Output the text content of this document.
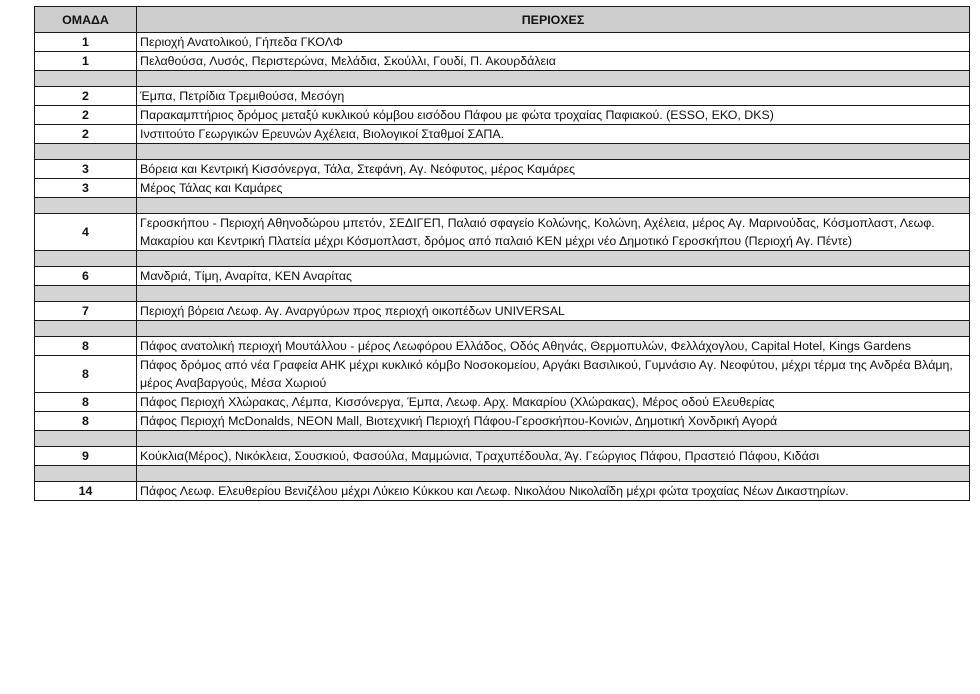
ΟΜΑΔΑ	ΠΕΡΙΟΧΕΣ
1	Περιοχή Ανατολικού, Γήπεδα ΓΚΟΛΦ
1	Πελαθούσα, Λυσός, Περιστερώνα, Μελάδια, Σκούλλι, Γουδί, Π. Ακουρδάλεια

2	Έμπα, Πετρίδια Τρεμιθούσα, Μεσόγη
2	Παρακαμπτήριος δρόμος μεταξύ κυκλικού κόμβου εισόδου Πάφου με φώτα τροχαίας Παφιακού. (ESSO, ΕΚΟ, DKS)
2	Ινστιτούτο Γεωργικών Ερευνών Αχέλεια, Βιολογικοί Σταθμοί ΣΑΠΑ.

3	Βόρεια και Κεντρική Κισσόνεργα, Τάλα, Στεφάνη, Αγ. Νεόφυτος, μέρος Καμάρες
3	Μέρος Τάλας και Καμάρες

4	Γεροσκήπου - Περιοχή Αθηνοδώρου μπετόν, ΣΕΔΙΓΕΠ, Παλαιό σφαγείο Κολώνης, Κολώνη, Αχέλεια, μέρος Αγ. Μαρινούδας, Κόσμοπλαστ, Λεωφ. Μακαρίου και Κεντρική Πλατεία μέχρι Κόσμοπλαστ, δρόμος από παλαιό ΚΕΝ μέχρι νέο Δημοτικό Γεροσκήπου (Περιοχή Αγ. Πέντε)

6	Μανδριά, Τίμη, Αναρίτα, ΚΕΝ Αναρίτας

7	Περιοχή βόρεια Λεωφ. Αγ. Αναργύρων προς περιοχή οικοπέδων UNIVERSAL

8	Πάφος ανατολική περιοχή Μουτάλλου - μέρος Λεωφόρου Ελλάδος, Οδός Αθηνάς, Θερμοπυλών, Φελλάχογλου, Capital Hotel, Kings Gardens
8	Πάφος δρόμος από νέα Γραφεία ΑΗΚ μέχρι κυκλικό κόμβο Νοσοκομείου, Αργάκι Βασιλικού, Γυμνάσιο Αγ. Νεοφύτου, μέχρι τέρμα της Ανδρέα Βλάμη, μέρος Αναβαργούς, Μέσα Χωριού
8	Πάφος Περιοχή Χλώρακας, Λέμπα, Κισσόνεργα, Έμπα, Λεωφ. Αρχ. Μακαρίου (Χλώρακας), Μέρος οδού Ελευθερίας
8	Πάφος Περιοχή McDonalds, NEON Mall, Βιοτεχνική Περιοχή Πάφου-Γεροσκήπου-Κονιών, Δημοτική Χονδρική Αγορά

9	Κούκλια(Μέρος), Νικόκλεια, Σουσκιού, Φασούλα, Μαμμώνια, Τραχυπέδουλα, Άγ. Γεώργιος Πάφου, Πραστειό Πάφου, Κιδάσι

14	Πάφος Λεωφ. Ελευθερίου Βενιζέλου μέχρι Λύκειο Κύκκου και Λεωφ. Νικολάου Νικολαΐδη μέχρι φώτα τροχαίας Νέων Δικαστηρίων.
